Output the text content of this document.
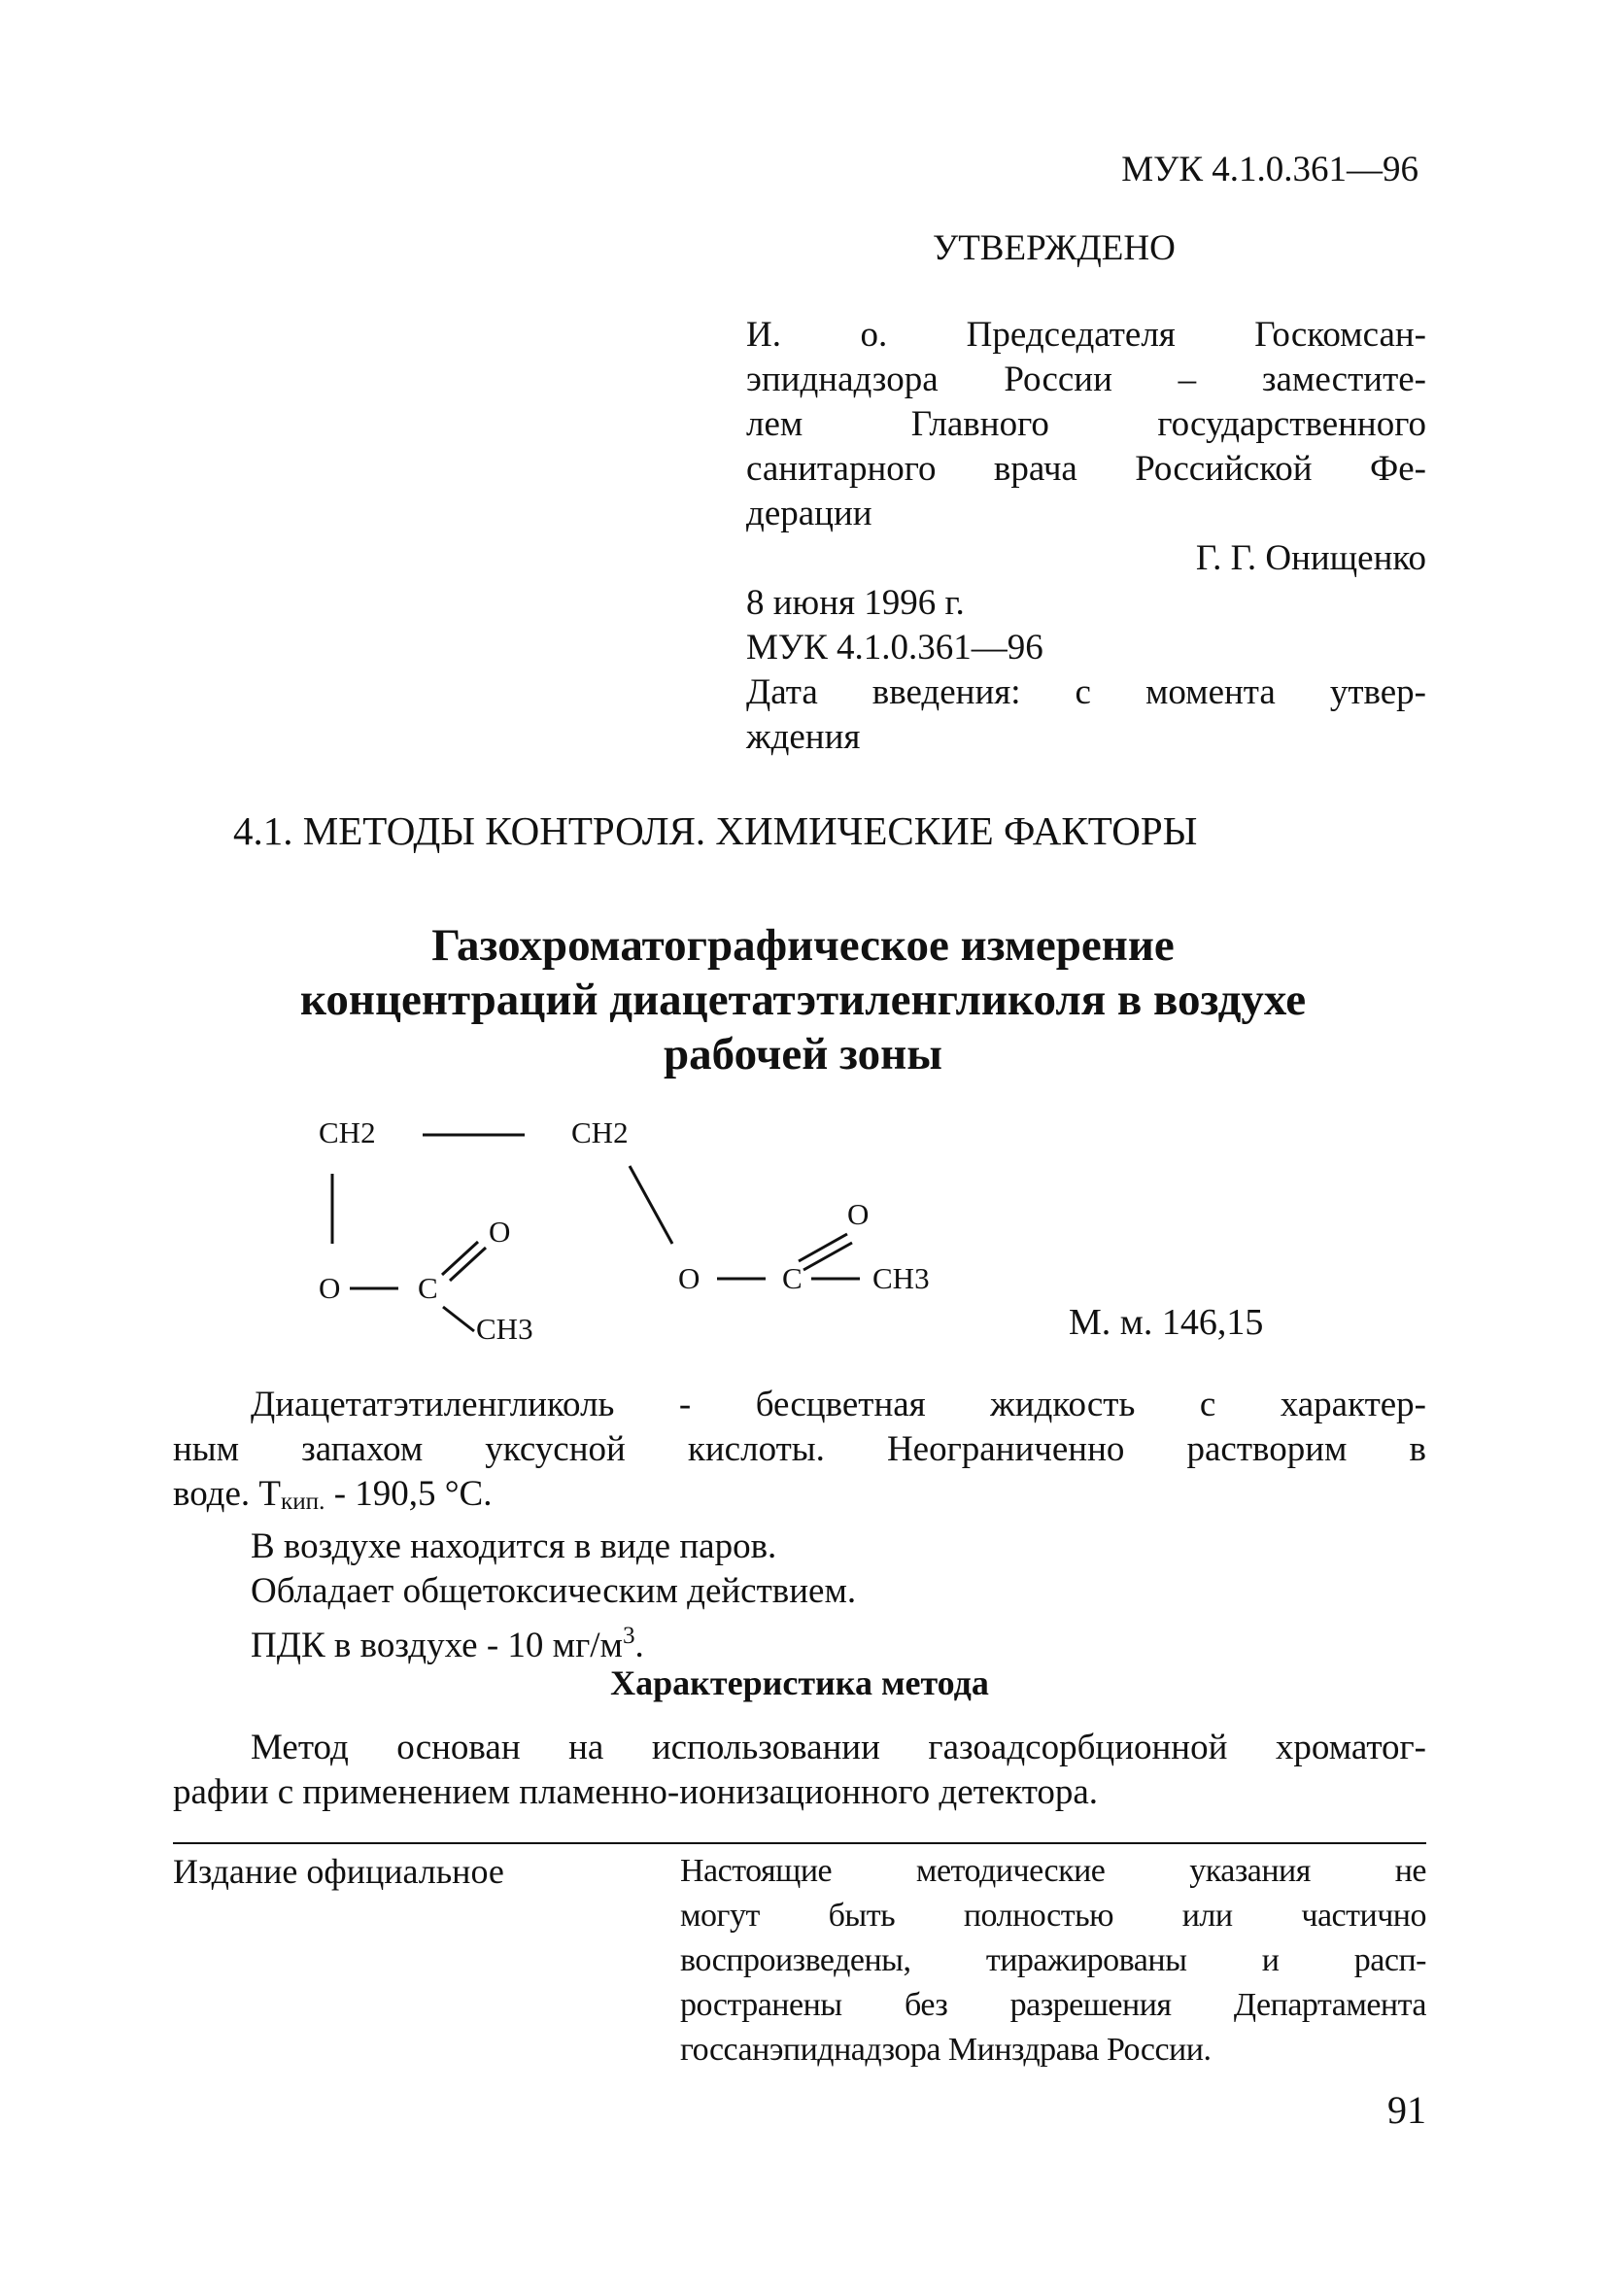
МУК 4.1.0.361—96
УТВЕРЖДЕНО
И. о. Председателя Госкомсан-
эпиднадзора России – заместите-
лем Главного государственного
санитарного врача Российской Фе-
дерации
Г. Г. Онищенко
8 июня 1996 г.
МУК 4.1.0.361—96
Дата введения: с момента утвер-
ждения
4.1. МЕТОДЫ КОНТРОЛЯ. ХИМИЧЕСКИЕ ФАКТОРЫ
Газохроматографическое измерение
концентраций диацетатэтиленгликоля в воздухе
рабочей зоны
CH2	CH2
O	C
O
CH3
O	C
O
CH3
М. м. 146,15
Диацетатэтиленгликоль - бесцветная жидкость с характер-
ным запахом уксусной кислоты. Неограниченно растворим в
воде. Ткип. - 190,5 °С.
В воздухе находится в виде паров.
Обладает общетоксическим действием.
ПДК в воздухе - 10 $мг/м^3$.
Характеристика метода
Метод основан на использовании газоадсорбционной хроматог-
рафии с применением пламенно-ионизационного детектора.
Издание официальное	Настоящие методические указания не
могут быть полностью или частично
воспроизведены, тиражированы и расп-
ространены без разрешения Департамента
госсанэпиднадзора Минздрава России.
91
